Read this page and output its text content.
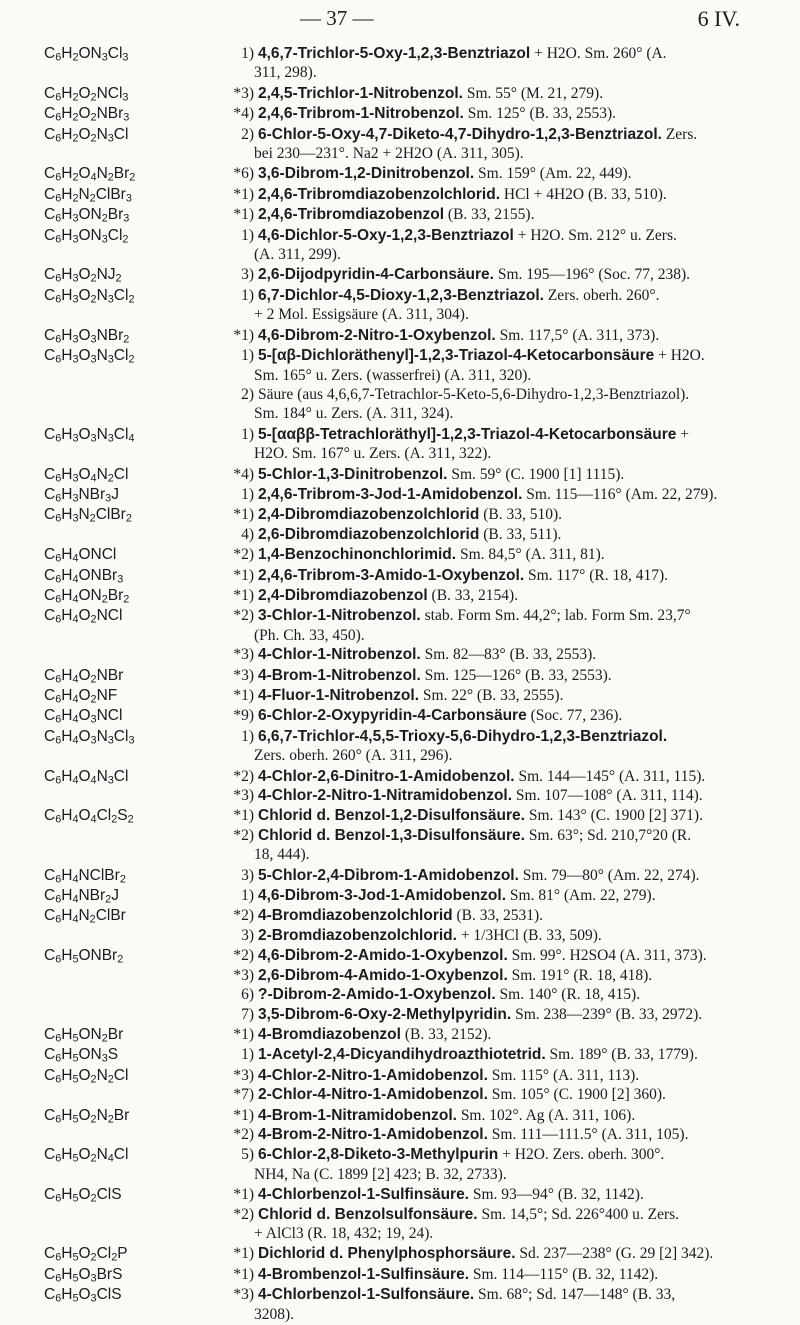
— 37 —	6 IV.
$C_6H_2ON_3Cl_3$	1) 4,6,7-Trichlor-5-Oxy-1,2,3-Benztriazol + H2O. Sm. 260° (A.
311, 298).
$C_6H_2O_2NCl_3$	*3) 2,4,5-Trichlor-1-Nitrobenzol. Sm. 55° (M. 21, 279).
$C_6H_2O_2NBr_3$	*4) 2,4,6-Tribrom-1-Nitrobenzol. Sm. 125° (B. 33, 2553).
$C_6H_2O_2N_3Cl$	2) 6-Chlor-5-Oxy-4,7-Diketo-4,7-Dihydro-1,2,3-Benztriazol. Zers.
bei 230—231°. Na2 + 2H2O (A. 311, 305).
$C_6H_2O_4N_2Br_2$	*6) 3,6-Dibrom-1,2-Dinitrobenzol. Sm. 159° (Am. 22, 449).
$C_6H_2N_2ClBr_3$	*1) 2,4,6-Tribromdiazobenzolchlorid. HCl + 4H2O (B. 33, 510).
$C_6H_3ON_2Br_3$	*1) 2,4,6-Tribromdiazobenzol (B. 33, 2155).
$C_6H_3ON_3Cl_2$	1) 4,6-Dichlor-5-Oxy-1,2,3-Benztriazol + H2O. Sm. 212° u. Zers.
(A. 311, 299).
$C_6H_3O_2NJ_2$	3) 2,6-Dijodpyridin-4-Carbonsäure. Sm. 195—196° (Soc. 77, 238).
$C_6H_3O_2N_3Cl_2$	1) 6,7-Dichlor-4,5-Dioxy-1,2,3-Benztriazol. Zers. oberh. 260°.
+ 2 Mol. Essigsäure (A. 311, 304).
$C_6H_3O_3NBr_2$	*1) 4,6-Dibrom-2-Nitro-1-Oxybenzol. Sm. 117,5° (A. 311, 373).
$C_6H_3O_3N_3Cl_2$	1) 5-[αβ-Dichloräthenyl]-1,2,3-Triazol-4-Ketocarbonsäure + H2O.
Sm. 165° u. Zers. (wasserfrei) (A. 311, 320).
2) Säure (aus 4,6,6,7-Tetrachlor-5-Keto-5,6-Dihydro-1,2,3-Benztriazol).
Sm. 184° u. Zers. (A. 311, 324).
$C_6H_3O_3N_3Cl_4$	1) 5-[ααββ-Tetrachloräthyl]-1,2,3-Triazol-4-Ketocarbonsäure +
H2O. Sm. 167° u. Zers. (A. 311, 322).
$C_6H_3O_4N_2Cl$	*4) 5-Chlor-1,3-Dinitrobenzol. Sm. 59° (C. 1900 [1] 1115).
$C_6H_3NBr_3J$	1) 2,4,6-Tribrom-3-Jod-1-Amidobenzol. Sm. 115—116° (Am. 22, 279).
$C_6H_3N_2ClBr_2$	*1) 2,4-Dibromdiazobenzolchlorid (B. 33, 510).
4) 2,6-Dibromdiazobenzolchlorid (B. 33, 511).
$C_6H_4ONCl$	*2) 1,4-Benzochinonchlorimid. Sm. 84,5° (A. 311, 81).
$C_6H_4ONBr_3$	*1) 2,4,6-Tribrom-3-Amido-1-Oxybenzol. Sm. 117° (R. 18, 417).
$C_6H_4ON_2Br_2$	*1) 2,4-Dibromdiazobenzol (B. 33, 2154).
$C_6H_4O_2NCl$	*2) 3-Chlor-1-Nitrobenzol. stab. Form Sm. 44,2°; lab. Form Sm. 23,7°
(Ph. Ch. 33, 450).
*3) 4-Chlor-1-Nitrobenzol. Sm. 82—83° (B. 33, 2553).
$C_6H_4O_2NBr$	*3) 4-Brom-1-Nitrobenzol. Sm. 125—126° (B. 33, 2553).
$C_6H_4O_2NF$	*1) 4-Fluor-1-Nitrobenzol. Sm. 22° (B. 33, 2555).
$C_6H_4O_3NCl$	*9) 6-Chlor-2-Oxypyridin-4-Carbonsäure (Soc. 77, 236).
$C_6H_4O_3N_3Cl_3$	1) 6,6,7-Trichlor-4,5,5-Trioxy-5,6-Dihydro-1,2,3-Benztriazol.
Zers. oberh. 260° (A. 311, 296).
$C_6H_4O_4N_3Cl$	*2) 4-Chlor-2,6-Dinitro-1-Amidobenzol. Sm. 144—145° (A. 311, 115).
*3) 4-Chlor-2-Nitro-1-Nitramidobenzol. Sm. 107—108° (A. 311, 114).
$C_6H_4O_4Cl_2S_2$	*1) Chlorid d. Benzol-1,2-Disulfonsäure. Sm. 143° (C. 1900 [2] 371).
*2) Chlorid d. Benzol-1,3-Disulfonsäure. Sm. 63°; Sd. 210,7°20 (R.
18, 444).
$C_6H_4NClBr_2$	3) 5-Chlor-2,4-Dibrom-1-Amidobenzol. Sm. 79—80° (Am. 22, 274).
$C_6H_4NBr_2J$	1) 4,6-Dibrom-3-Jod-1-Amidobenzol. Sm. 81° (Am. 22, 279).
$C_6H_4N_2ClBr$	*2) 4-Bromdiazobenzolchlorid (B. 33, 2531).
3) 2-Bromdiazobenzolchlorid. + 1/3HCl (B. 33, 509).
$C_6H_5ONBr_2$	*2) 4,6-Dibrom-2-Amido-1-Oxybenzol. Sm. 99°. H2SO4 (A. 311, 373).
*3) 2,6-Dibrom-4-Amido-1-Oxybenzol. Sm. 191° (R. 18, 418).
6) ?-Dibrom-2-Amido-1-Oxybenzol. Sm. 140° (R. 18, 415).
7) 3,5-Dibrom-6-Oxy-2-Methylpyridin. Sm. 238—239° (B. 33, 2972).
$C_6H_5ON_2Br$	*1) 4-Bromdiazobenzol (B. 33, 2152).
$C_6H_5ON_3S$	1) 1-Acetyl-2,4-Dicyandihydroazthiotetrid. Sm. 189° (B. 33, 1779).
$C_6H_5O_2N_2Cl$	*3) 4-Chlor-2-Nitro-1-Amidobenzol. Sm. 115° (A. 311, 113).
*7) 2-Chlor-4-Nitro-1-Amidobenzol. Sm. 105° (C. 1900 [2] 360).
$C_6H_5O_2N_2Br$	*1) 4-Brom-1-Nitramidobenzol. Sm. 102°. Ag (A. 311, 106).
*2) 4-Brom-2-Nitro-1-Amidobenzol. Sm. 111—111.5° (A. 311, 105).
$C_6H_5O_2N_4Cl$	5) 6-Chlor-2,8-Diketo-3-Methylpurin + H2O. Zers. oberh. 300°.
NH4, Na (C. 1899 [2] 423; B. 32, 2733).
$C_6H_5O_2ClS$	*1) 4-Chlorbenzol-1-Sulfinsäure. Sm. 93—94° (B. 32, 1142).
*2) Chlorid d. Benzolsulfonsäure. Sm. 14,5°; Sd. 226°400 u. Zers.
+ AlCl3 (R. 18, 432; 19, 24).
$C_6H_5O_2Cl_2P$	*1) Dichlorid d. Phenylphosphorsäure. Sd. 237—238° (G. 29 [2] 342).
$C_6H_5O_3BrS$	*1) 4-Brombenzol-1-Sulfinsäure. Sm. 114—115° (B. 32, 1142).
$C_6H_5O_3ClS$	*3) 4-Chlorbenzol-1-Sulfonsäure. Sm. 68°; Sd. 147—148° (B. 33,
3208).
